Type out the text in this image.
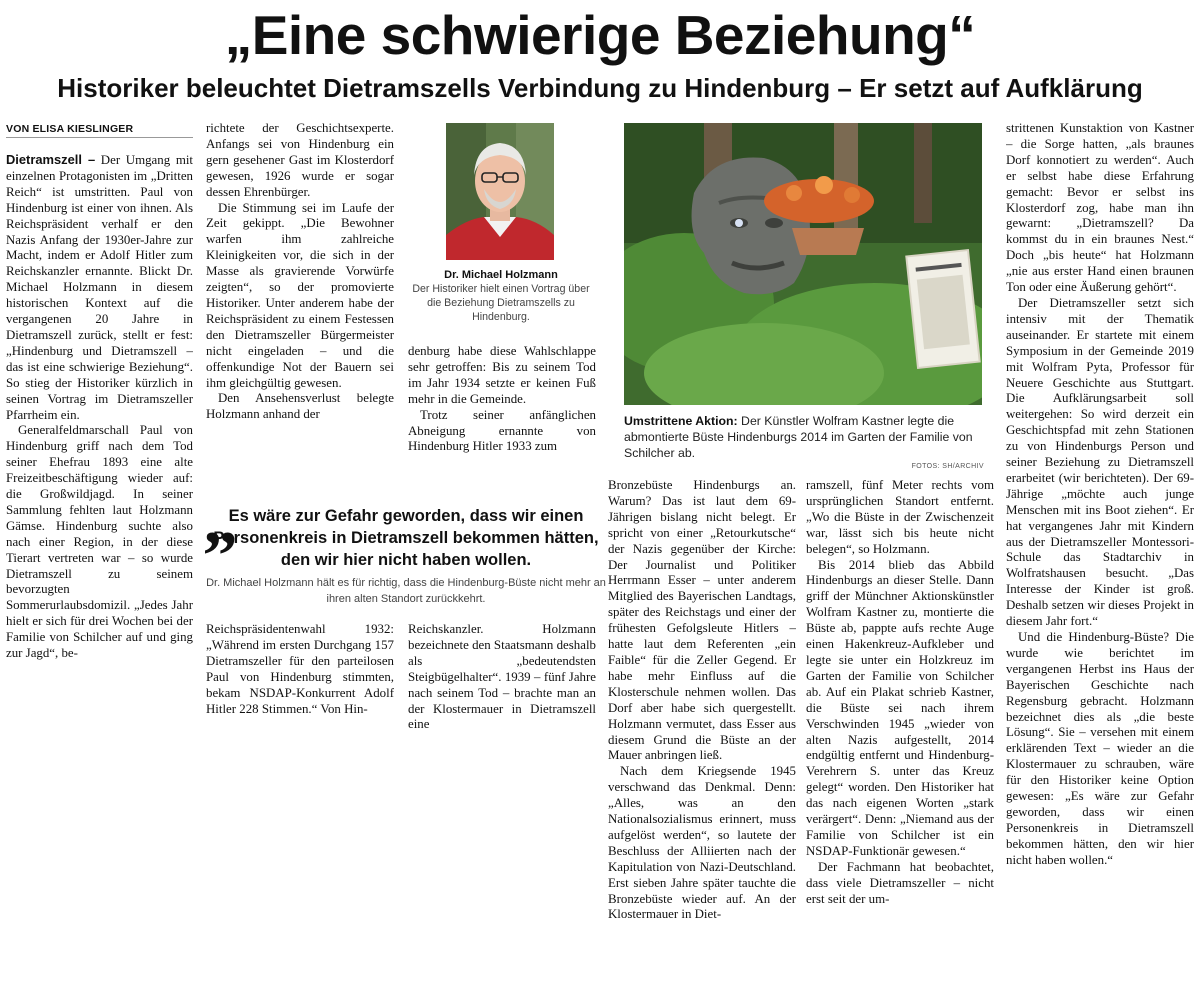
„Eine schwierige Beziehung“
Historiker beleuchtet Dietramszells Verbindung zu Hindenburg – Er setzt auf Aufklärung
VON ELISA KIESLINGER

Dietramszell – Der Umgang mit einzelnen Protagonisten im „Dritten Reich“ ist umstritten. Paul von Hindenburg ist einer von ihnen. Als Reichspräsident verhalf er den Nazis Anfang der 1930er-Jahre zur Macht, indem er Adolf Hitler zum Reichskanzler ernannte. Blickt Dr. Michael Holzmann in diesem historischen Kontext auf die vergangenen 20 Jahre in Dietramszell zurück, stellt er fest: „Hindenburg und Dietramszell – das ist eine schwierige Beziehung“. So stieg der Historiker kürzlich in seinen Vortrag im Dietramszeller Pfarrheim ein.

Generalfeldmarschall Paul von Hindenburg griff nach dem Tod seiner Ehefrau 1893 eine alte Freizeitbeschäftigung wieder auf: die Großwildjagd. In seiner Sammlung fehlten laut Holzmann Gämse. Hindenburg suchte also nach einer Region, in der diese Tierart vertreten war – so wurde Dietramszell zu seinem bevorzugten Sommerurlaubsdomizil. „Jedes Jahr hielt er sich für drei Wochen bei der Familie von Schilcher auf und ging zur Jagd“, be-

richtete der Geschichtsexperte. Anfangs sei von Hindenburg ein gern gesehener Gast im Klosterdorf gewesen, 1926 wurde er sogar dessen Ehrenbürger.

Die Stimmung sei im Laufe der Zeit gekippt. „Die Bewohner warfen ihm zahlreiche Kleinigkeiten vor, die sich in der Masse als gravierende Vorwürfe zeigten“, so der promovierte Historiker. Unter anderem habe der Reichspräsident zu einem Festessen den Dietramszeller Bürgermeister nicht eingeladen – und die offenkundige Not der Bauern sei ihm gleichgültig gewesen.

Den Ansehensverlust belegte Holzmann anhand der

Dr. Michael Holzmann
Der Historiker hielt einen Vortrag über die Beziehung Dietramszells zu Hindenburg.

denburg habe diese Wahlschlappe sehr getroffen: Bis zu seinem Tod im Jahr 1934 setzte er keinen Fuß mehr in die Gemeinde.

Trotz seiner anfänglichen Abneigung ernannte von Hindenburg Hitler 1933 zum

„
Es wäre zur Gefahr geworden, dass wir einen Personenkreis in Dietramszell bekommen hätten, den wir hier nicht haben wollen.
Dr. Michael Holzmann hält es für richtig, dass die Hindenburg-Büste nicht mehr an ihren alten Standort zurückkehrt.

Reichspräsidentenwahl 1932: „Während im ersten Durchgang 157 Dietramszeller für den parteilosen Paul von Hindenburg stimmten, bekam NSDAP-Konkurrent Adolf Hitler 228 Stimmen.“ Von Hin-

Reichskanzler. Holzmann bezeichnete den Staatsmann deshalb als „bedeutendsten Steigbügelhalter“. 1939 – fünf Jahre nach seinem Tod – brachte man an der Klostermauer in Dietramszell eine

Umstrittene Aktion: Der Künstler Wolfram Kastner legte die abmontierte Büste Hindenburgs 2014 im Garten der Familie von Schilcher ab.
FOTOS: SH/ARCHIV

Bronzebüste Hindenburgs an. Warum? Das ist laut dem 69-Jährigen bislang nicht belegt. Er spricht von einer „Retourkutsche“ der Nazis gegenüber der Kirche: Der Journalist und Politiker Herrmann Esser – unter anderem Mitglied des Bayerischen Landtags, später des Reichstags und einer der frühesten Gefolgsleute Hitlers – hatte laut dem Referenten „ein Faible“ für die Zeller Gegend. Er habe mehr Einfluss auf die Klosterschule nehmen wollen. Das Dorf aber habe sich quergestellt. Holzmann vermutet, dass Esser aus diesem Grund die Büste an der Mauer anbringen ließ.

Nach dem Kriegsende 1945 verschwand das Denkmal. Denn: „Alles, was an den Nationalsozialismus erinnert, muss aufgelöst werden“, so lautete der Beschluss der Alliierten nach der Kapitulation von Nazi-Deutschland. Erst sieben Jahre später tauchte die Bronzebüste wieder auf. An der Klostermauer in Diet-

ramszell, fünf Meter rechts vom ursprünglichen Standort entfernt. „Wo die Büste in der Zwischenzeit war, lässt sich bis heute nicht belegen“, so Holzmann.

Bis 2014 blieb das Abbild Hindenburgs an dieser Stelle. Dann griff der Münchner Aktionskünstler Wolfram Kastner zu, montierte die Büste ab, pappte aufs rechte Auge einen Hakenkreuz-Aufkleber und legte sie unter ein Holzkreuz im Garten der Familie von Schilcher ab. Auf ein Plakat schrieb Kastner, die Büste sei nach ihrem Verschwinden 1945 „wieder von alten Nazis aufgestellt, 2014 endgültig entfernt und Hindenburg-Verehrern S. unter das Kreuz gelegt“ worden. Den Historiker hat das nach eigenen Worten „stark verärgert“. Denn: „Niemand aus der Familie von Schilcher ist ein NSDAP-Funktionär gewesen.“

Der Fachmann hat beobachtet, dass viele Dietramszeller – nicht erst seit der um-

strittenen Kunstaktion von Kastner – die Sorge hatten, „als braunes Dorf konnotiert zu werden“. Auch er selbst habe diese Erfahrung gemacht: Bevor er selbst ins Klosterdorf zog, habe man ihn gewarnt: „Dietramszell? Da kommst du in ein braunes Nest.“ Doch „bis heute“ hat Holzmann „nie aus erster Hand einen braunen Ton oder eine Äußerung gehört“.

Der Dietramszeller setzt sich intensiv mit der Thematik auseinander. Er startete mit einem Symposium in der Gemeinde 2019 mit Wolfram Pyta, Professor für Neuere Geschichte aus Stuttgart. Die Aufklärungsarbeit soll weitergehen: So wird derzeit ein Geschichtspfad mit zehn Stationen zu von Hindenburgs Person und seiner Beziehung zu Dietramszell erarbeitet (wir berichteten). Der 69-Jährige „möchte auch junge Menschen mit ins Boot ziehen“. Er hat vergangenes Jahr mit Kindern aus der Dietramszeller Montessori-Schule das Stadtarchiv in Wolfratshausen besucht. „Das Interesse der Kinder ist groß. Deshalb setzen wir dieses Projekt in diesem Jahr fort.“

Und die Hindenburg-Büste? Die wurde wie berichtet im vergangenen Herbst ins Haus der Bayerischen Geschichte nach Regensburg gebracht. Holzmann bezeichnet dies als „die beste Lösung“. Sie – versehen mit einem erklärenden Text – wieder an die Klostermauer zu schrauben, wäre für den Historiker keine Option gewesen: „Es wäre zur Gefahr geworden, dass wir einen Personenkreis in Dietramszell bekommen hätten, den wir hier nicht haben wollen.“
